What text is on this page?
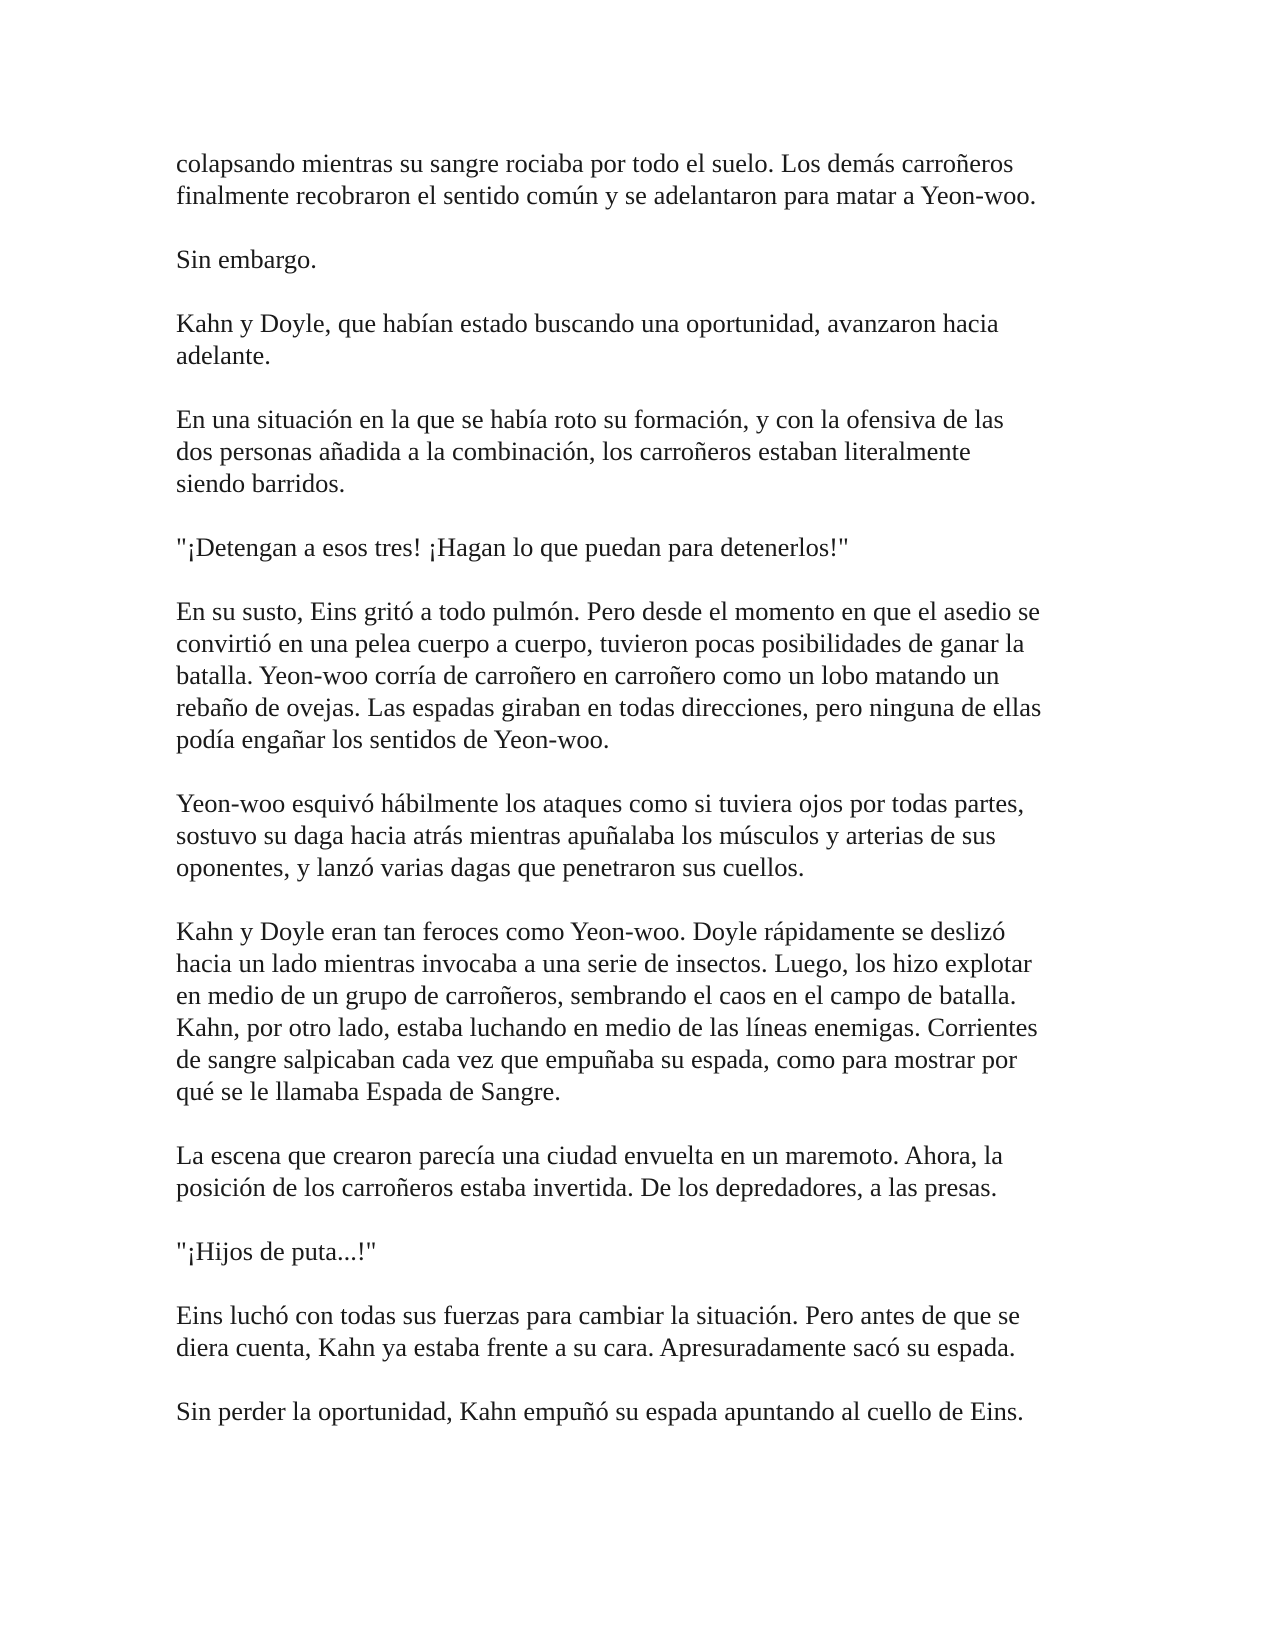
colapsando mientras su sangre rociaba por todo el suelo. Los demás carroñeros
finalmente recobraron el sentido común y se adelantaron para matar a Yeon-woo.

Sin embargo.

Kahn y Doyle, que habían estado buscando una oportunidad, avanzaron hacia
adelante.

En una situación en la que se había roto su formación, y con la ofensiva de las
dos personas añadida a la combinación, los carroñeros estaban literalmente
siendo barridos.

"¡Detengan a esos tres! ¡Hagan lo que puedan para detenerlos!"

En su susto, Eins gritó a todo pulmón. Pero desde el momento en que el asedio se
convirtió en una pelea cuerpo a cuerpo, tuvieron pocas posibilidades de ganar la
batalla. Yeon-woo corría de carroñero en carroñero como un lobo matando un
rebaño de ovejas. Las espadas giraban en todas direcciones, pero ninguna de ellas
podía engañar los sentidos de Yeon-woo.

Yeon-woo esquivó hábilmente los ataques como si tuviera ojos por todas partes,
sostuvo su daga hacia atrás mientras apuñalaba los músculos y arterias de sus
oponentes, y lanzó varias dagas que penetraron sus cuellos.

Kahn y Doyle eran tan feroces como Yeon-woo. Doyle rápidamente se deslizó
hacia un lado mientras invocaba a una serie de insectos. Luego, los hizo explotar
en medio de un grupo de carroñeros, sembrando el caos en el campo de batalla.
Kahn, por otro lado, estaba luchando en medio de las líneas enemigas. Corrientes
de sangre salpicaban cada vez que empuñaba su espada, como para mostrar por
qué se le llamaba Espada de Sangre.

La escena que crearon parecía una ciudad envuelta en un maremoto. Ahora, la
posición de los carroñeros estaba invertida. De los depredadores, a las presas.

"¡Hijos de puta...!"

Eins luchó con todas sus fuerzas para cambiar la situación. Pero antes de que se
diera cuenta, Kahn ya estaba frente a su cara. Apresuradamente sacó su espada.

Sin perder la oportunidad, Kahn empuñó su espada apuntando al cuello de Eins.
